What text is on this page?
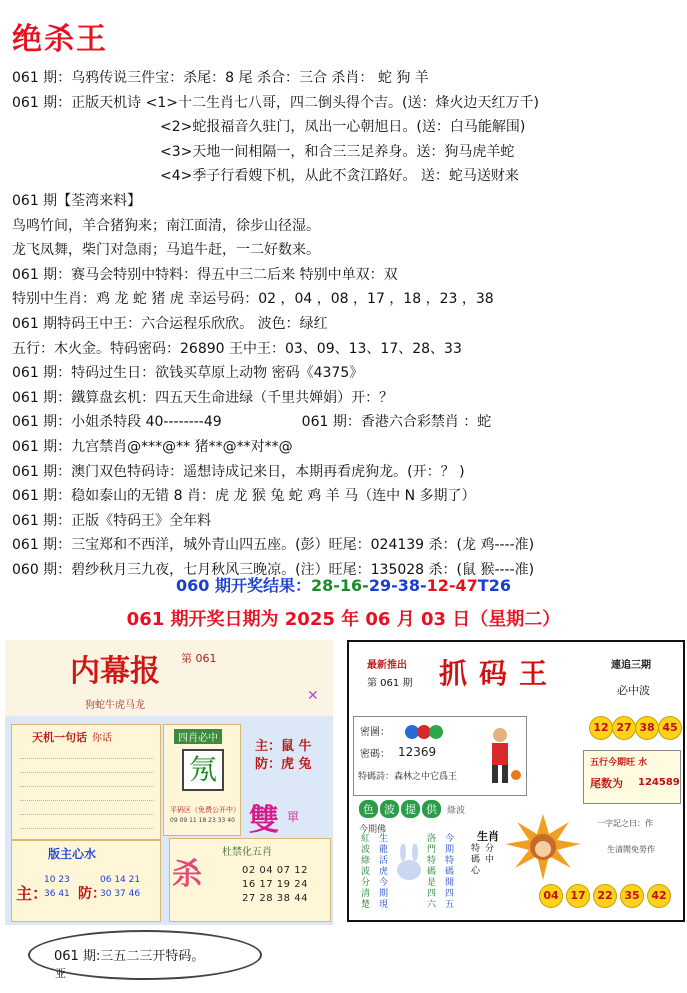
绝杀王
061 期：乌鸦传说三件宝：杀尾：8 尾 杀合：三合 杀肖： 蛇 狗 羊
061 期：正版天机诗 <1>十二生肖七八哥，四二倒头得个吉。(送：烽火边天红万千)
<2>蛇报福音久驻门，凤出一心朝旭日。(送：白马能解围)
<3>天地一间相隔一，和合三三足养身。送：狗马虎羊蛇
<4>季子行看嫂下机，从此不贪江路好。 送：蛇马送财来
061 期【荃湾来料】
鸟鸣竹间，羊合猪狗来；南江面清，徐步山径湿。
龙飞凤舞，柴门对急雨；马追牛赶，一二好数来。
061 期：赛马会特别中特料：得五中三二后来 特别中单双：双
特别中生肖：鸡 龙 蛇 猪 虎 幸运号码：02 ，04 ，08 ，17 ，18 ，23 ，38
061 期特码王中王：六合运程乐欣欣。 波色：绿红
五行：木火金。特码密码：26890 王中王：03、09、13、17、28、33
061 期：特码过生日：欲钱买草原上动物 密码《4375》
061 期：鐵算盘玄机：四五天生命进绿（千里共婵娟）开：？
061 期：小姐杀特段 40--------49	061 期：香港六合彩禁肖 ：蛇
061 期：九宫禁肖@***@** 猪**@**对**@
061 期：澳门双色特码诗：遥想诗成记来日，本期再看虎狗龙。(开：？ )
061 期：稳如泰山的无错 8 肖：虎 龙 猴 兔 蛇 鸡 羊 马（连中 N 多期了）
061 期：正版《特码王》全年料
061 期：三宝郑和不西洋，城外青山四五座。(彭）旺尾：024139 杀：(龙 鸡----准)
060 期：碧纱秋月三九夜，七月秋风三晚凉。(注）旺尾：135028 杀：(鼠 猴----准)
060 期开奖结果：28-16-29-38-12-47T26
061 期开奖日期为 2025 年 06 月 03 日（星期二）
内幕报 第 061
狗蛇牛虎马龙
✕
天机一句话 你话	四肖必中
氖
平码区（免费公开中）
09 09 11 18 23 33 40
主：鼠 牛
防：虎 兔
雙 單
版主心水
主： 防：
10 23
36 41
06 14 21
30 37 46
杀
杜禁化五肖
02 04 07 12
16 17 19 24
27 28 38 44
最新推出
第 061 期 抓码王	連追三期
必中波
密圖：
密碼： 12369
特碼詩：森林之中它爲王
12 27 38 45
五行今期旺 水
尾数为 124589
色 波 提 供 綠波
今期佛
紅波綠波分清楚
生龍活虎今期現
洛門特碼是四六
今期特碼開四五
生肖
特碼心
分中
一字記之曰：作
生清閒免勞作
04	17	22	35	42
061 期:三五二三开特码。
亚
